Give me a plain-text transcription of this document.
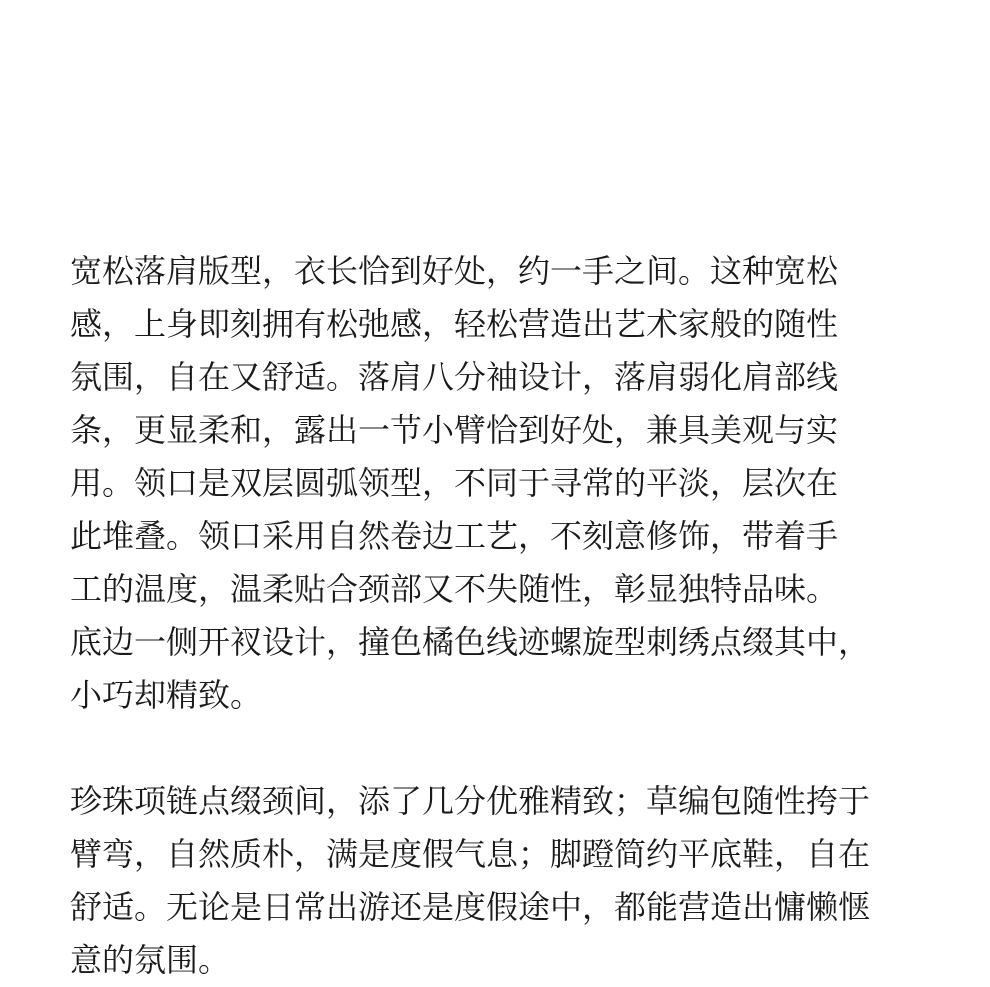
宽松落肩版型，衣长恰到好处，约一手之间。这种宽松
感，上身即刻拥有松弛感，轻松营造出艺术家般的随性
氛围，自在又舒适。落肩八分袖设计，落肩弱化肩部线
条，更显柔和，露出一节小臂恰到好处，兼具美观与实
用。领口是双层圆弧领型，不同于寻常的平淡，层次在
此堆叠。领口采用自然卷边工艺，不刻意修饰，带着手
工的温度，温柔贴合颈部又不失随性，彰显独特品味。
底边一侧开衩设计，撞色橘色线迹螺旋型刺绣点缀其中，
小巧却精致。
珍珠项链点缀颈间，添了几分优雅精致；草编包随性挎于
臂弯，自然质朴，满是度假气息；脚蹬简约平底鞋，自在
舒适。无论是日常出游还是度假途中，都能营造出慵懒惬
意的氛围。
